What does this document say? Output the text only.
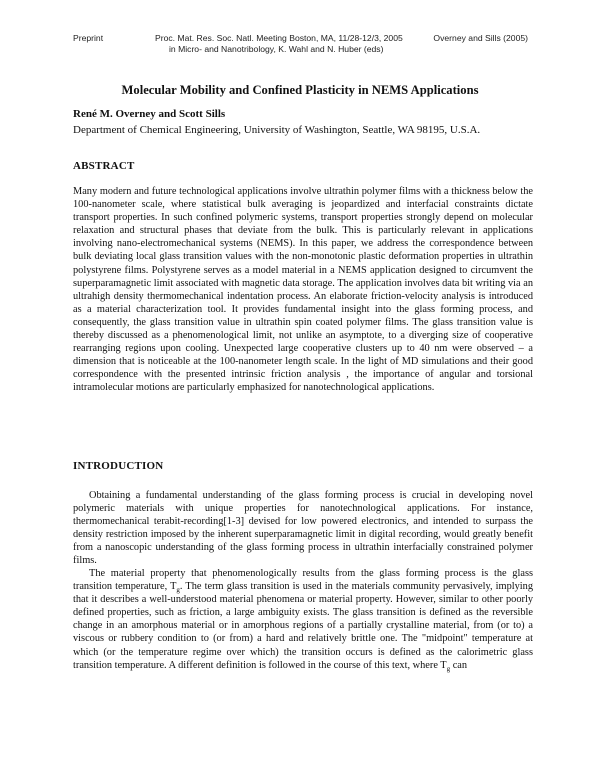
Preprint	Proc. Mat. Res. Soc. Natl. Meeting Boston, MA, 11/28-12/3, 2005
in Micro- and Nanotribology, K. Wahl and N. Huber (eds)
Overney and Sills (2005)
Molecular Mobility and Confined Plasticity in NEMS Applications
René M. Overney and Scott Sills
Department of Chemical Engineering, University of Washington, Seattle, WA 98195, U.S.A.
ABSTRACT

Many modern and future technological applications involve ultrathin polymer films with a thickness below the 100-nanometer scale, where statistical bulk averaging is jeopardized and interfacial constraints dictate transport properties. In such confined polymeric systems, transport properties strongly depend on molecular relaxation and structural phases that deviate from the bulk. This is particularly relevant in applications involving nano-electromechanical systems (NEMS). In this paper, we address the correspondence between bulk deviating local glass transition values with the non-monotonic plastic deformation properties in ultrathin polystyrene films. Polystyrene serves as a model material in a NEMS application designed to circumvent the superparamagnetic limit associated with magnetic data storage. The application involves data bit writing via an ultrahigh density thermomechanical indentation process. An elaborate friction-velocity analysis is introduced as a material characterization tool. It provides fundamental insight into the glass forming process, and consequently, the glass transition value in ultrathin spin coated polymer films. The glass transition value is thereby discussed as a phenomenological limit, not unlike an asymptote, to a diverging size of cooperative rearranging regions upon cooling. Unexpected large cooperative clusters up to 40 nm were observed – a dimension that is noticeable at the 100-nanometer length scale. In the light of MD simulations and their good correspondence with the presented intrinsic friction analysis , the importance of angular and torsional intramolecular motions are particularly emphasized for nanotechnological applications.

INTRODUCTION

Obtaining a fundamental understanding of the glass forming process is crucial in developing novel polymeric materials with unique properties for nanotechnological applications. For instance, thermomechanical terabit-recording[1-3] devised for low powered electronics, and intended to surpass the density restriction imposed by the inherent superparamagnetic limit in digital recording, would greatly benefit from a nanoscopic understanding of the glass forming process in ultrathin interfacially constrained polymer films.

The material property that phenomenologically results from the glass forming process is the glass transition temperature, $T_g$. The term glass transition is used in the materials community pervasively, implying that it describes a well-understood material phenomena or material property. However, similar to other poorly defined properties, such as friction, a large ambiguity exists. The glass transition is defined as the reversible change in an amorphous material or in amorphous regions of a partially crystalline material, from (or to) a viscous or rubbery condition to (or from) a hard and relatively brittle one. The "midpoint" temperature at which (or the temperature regime over which) the transition occurs is defined as the calorimetric glass transition temperature. A different definition is followed in the course of this text, where $T_g$ can
